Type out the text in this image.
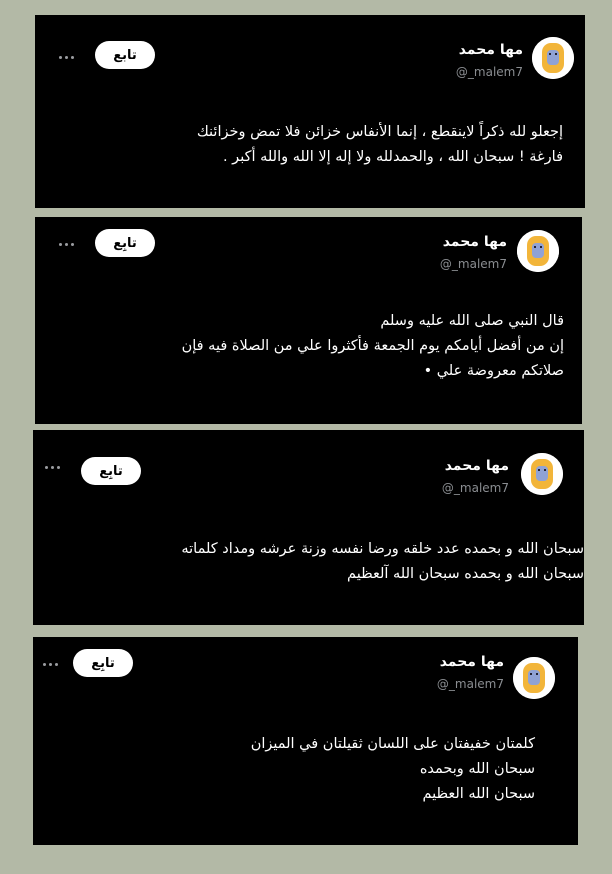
مها محمد
@_malem7
تابع
إجعلو لله ذكراً لاينقطع ، إنما الأنفاس خزائن فلا تمض وخزائنك
فارغة ! سبحان الله ، والحمدلله ولا إله إلا الله والله أكبر .
مها محمد
@_malem7
تابِع
قال النبي صلى الله عليه وسلم
إن من أفضل أيامكم يوم الجمعة فأكثروا علي من الصلاة فيه فإن
صلاتكم معروضة علي •
مها محمد
@_malem7
تابِع
سبحان الله و بحمده عدد خلقه ورضا نفسه وزنة عرشه ومداد كلماته
سبحان الله و بحمده سبحان الله آلعظيم
مها محمد
@_malem7
تابِع
كلمتان خفيفتان على اللسان ثقيلتان في الميزان
سبحان الله وبحمده
سبحان الله العظيم
